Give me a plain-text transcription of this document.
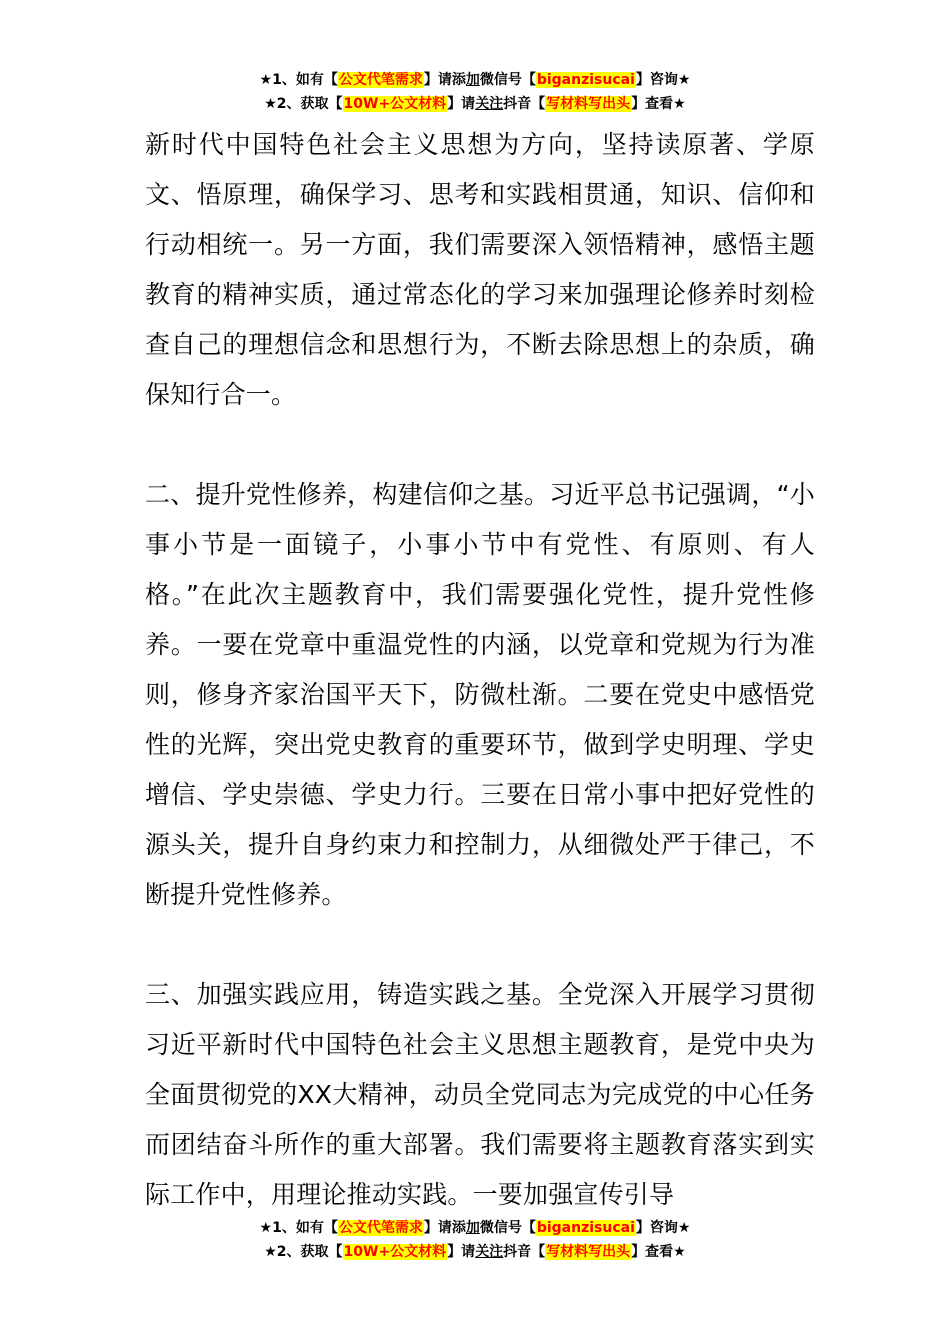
★1、如有【公文代笔需求】请添加微信号【biganzisucai】咨询★
★2、获取【10W+公文材料】请关注抖音【写材料写出头】查看★

新时代中国特色社会主义思想为方向，坚持读原著、学原文、悟原理，确保学习、思考和实践相贯通，知识、信仰和行动相统一。另一方面，我们需要深入领悟精神，感悟主题教育的精神实质，通过常态化的学习来加强理论修养时刻检查自己的理想信念和思想行为，不断去除思想上的杂质，确保知行合一。

二、提升党性修养，构建信仰之基。习近平总书记强调，“小事小节是一面镜子，小事小节中有党性、有原则、有人格。”在此次主题教育中，我们需要强化党性，提升党性修养。一要在党章中重温党性的内涵，以党章和党规为行为准则，修身齐家治国平天下，防微杜渐。二要在党史中感悟党性的光辉，突出党史教育的重要环节，做到学史明理、学史增信、学史崇德、学史力行。三要在日常小事中把好党性的源头关，提升自身约束力和控制力，从细微处严于律己，不断提升党性修养。

三、加强实践应用，铸造实践之基。全党深入开展学习贯彻习近平新时代中国特色社会主义思想主题教育，是党中央为全面贯彻党的XX大精神，动员全党同志为完成党的中心任务而团结奋斗所作的重大部署。我们需要将主题教育落实到实际工作中，用理论推动实践。一要加强宣传引导

★1、如有【公文代笔需求】请添加微信号【biganzisucai】咨询★
★2、获取【10W+公文材料】请关注抖音【写材料写出头】查看★
